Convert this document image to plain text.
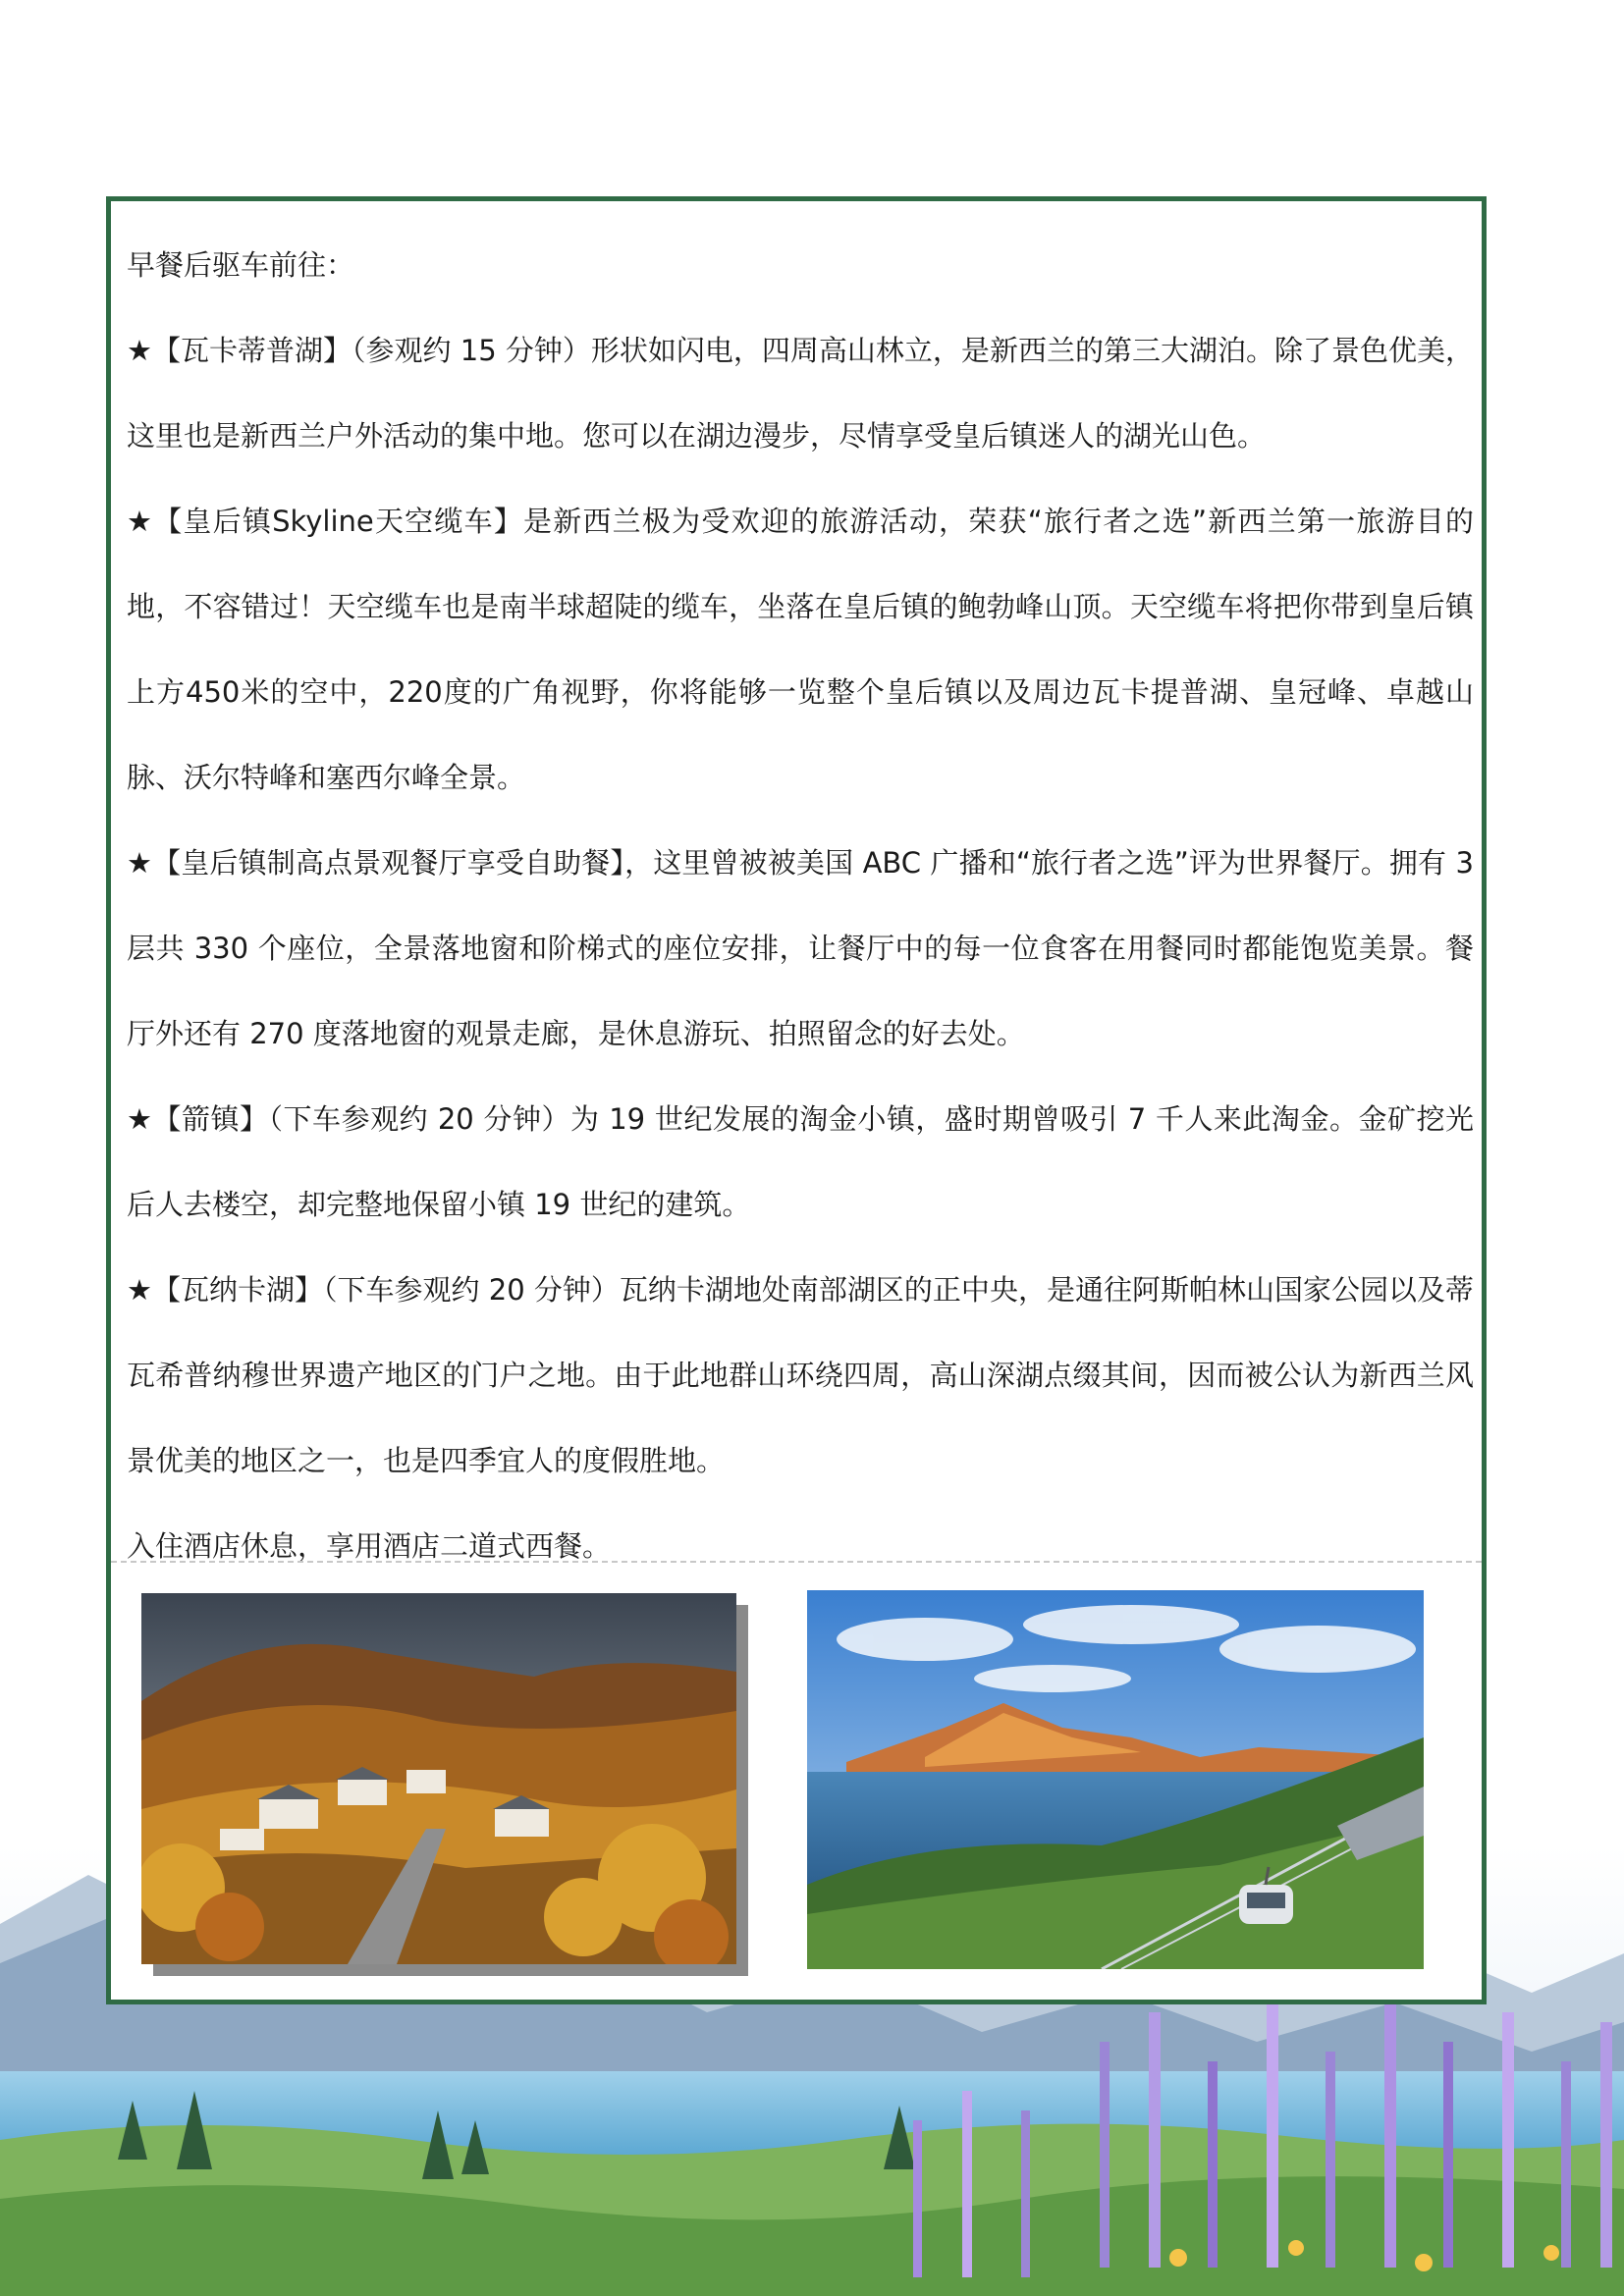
早餐后驱车前往：

★【瓦卡蒂普湖】（参观约 15 分钟）形状如闪电，四周高山林立，是新西兰的第三大湖泊。除了景色优美，这里也是新西兰户外活动的集中地。您可以在湖边漫步，尽情享受皇后镇迷人的湖光山色。

★【皇后镇Skyline天空缆车】是新西兰极为受欢迎的旅游活动，荣获“旅行者之选”新西兰第一旅游目的地，不容错过！天空缆车也是南半球超陡的缆车，坐落在皇后镇的鲍勃峰山顶。天空缆车将把你带到皇后镇上方450米的空中，220度的广角视野，你将能够一览整个皇后镇以及周边瓦卡提普湖、皇冠峰、卓越山脉、沃尔特峰和塞西尔峰全景。

★【皇后镇制高点景观餐厅享受自助餐】，这里曾被被美国 ABC 广播和“旅行者之选”评为世界餐厅。拥有 3 层共 330 个座位，全景落地窗和阶梯式的座位安排，让餐厅中的每一位食客在用餐同时都能饱览美景。餐厅外还有 270 度落地窗的观景走廊，是休息游玩、拍照留念的好去处。

★【箭镇】（下车参观约 20 分钟）为 19 世纪发展的淘金小镇，盛时期曾吸引 7 千人来此淘金。金矿挖光后人去楼空，却完整地保留小镇 19 世纪的建筑。

★【瓦纳卡湖】（下车参观约 20 分钟）瓦纳卡湖地处南部湖区的正中央，是通往阿斯帕林山国家公园以及蒂瓦希普纳穆世界遗产地区的门户之地。由于此地群山环绕四周，高山深湖点缀其间，因而被公认为新西兰风景优美的地区之一，也是四季宜人的度假胜地。

入住酒店休息，享用酒店二道式西餐。
